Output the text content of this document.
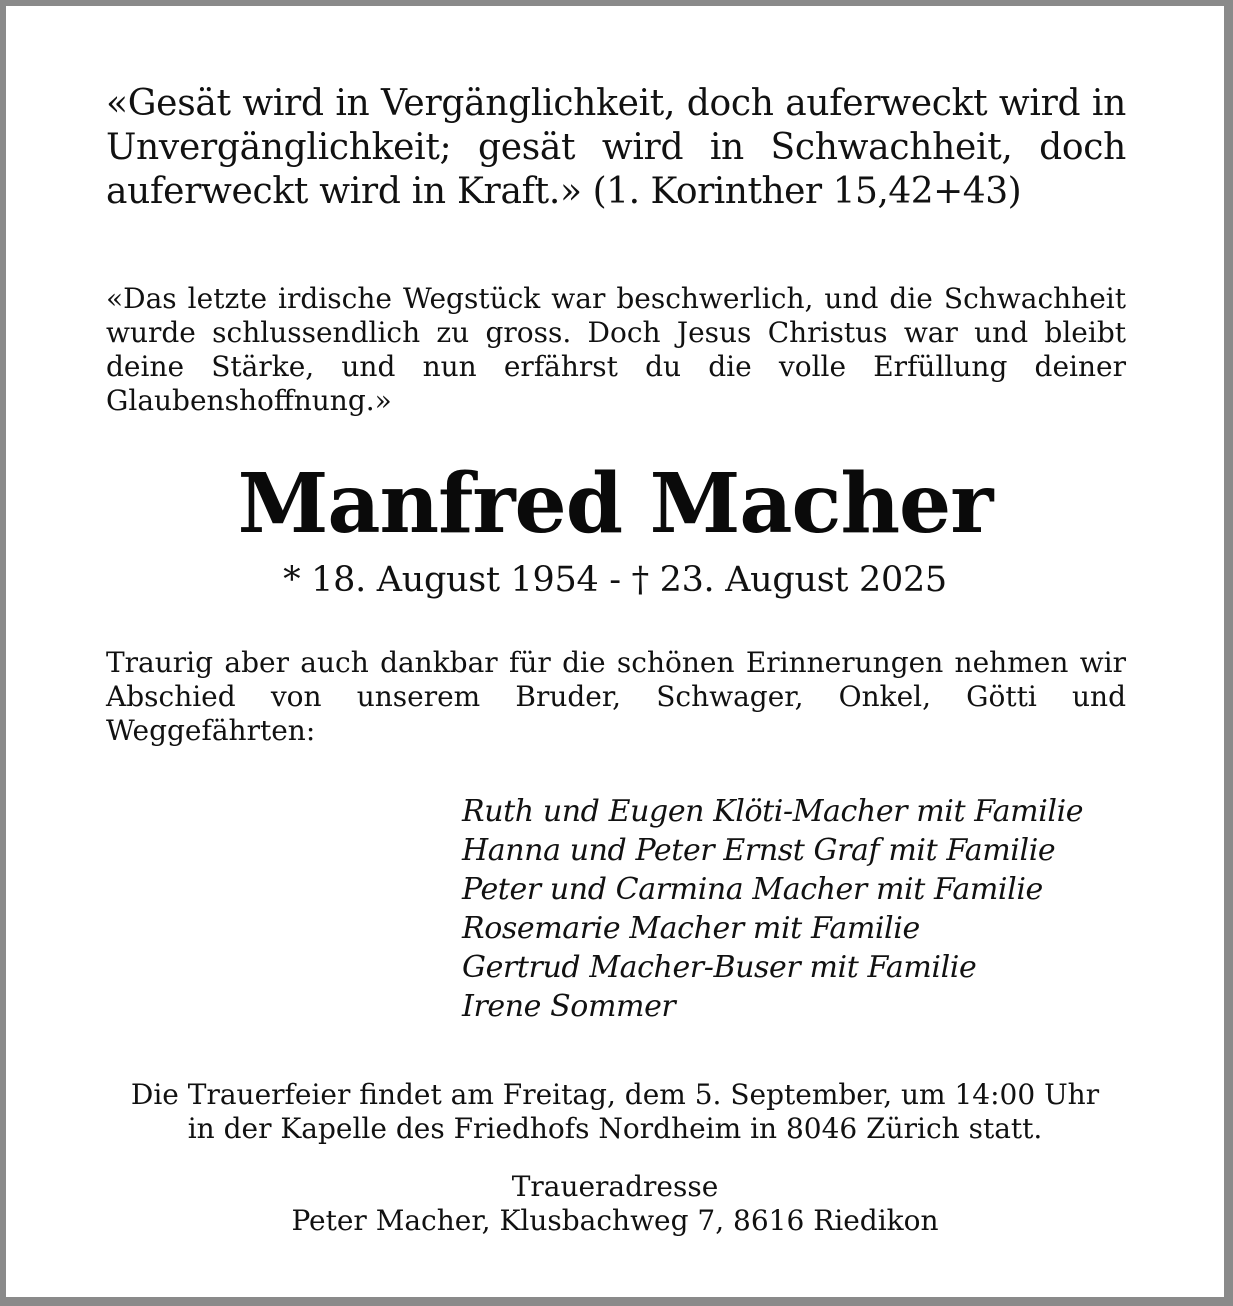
«Gesät wird in Vergänglichkeit, doch auferweckt wird in Unvergänglichkeit; gesät wird in Schwachheit, doch auferweckt wird in Kraft.» (1. Korinther 15,42+43)
«Das letzte irdische Wegstück war beschwerlich, und die Schwachheit wurde schlussendlich zu gross. Doch Jesus Christus war und bleibt deine Stärke, und nun erfährst du die volle Erfüllung deiner Glaubenshoffnung.»
Manfred Macher
* 18. August 1954 - † 23. August 2025
Traurig aber auch dankbar für die schönen Erinnerungen nehmen wir Abschied von unserem Bruder, Schwager, Onkel, Götti und Weggefährten:
Ruth und Eugen Klöti-Macher mit Familie
Hanna und Peter Ernst Graf mit Familie
Peter und Carmina Macher mit Familie
Rosemarie Macher mit Familie
Gertrud Macher-Buser mit Familie
Irene Sommer
Die Trauerfeier findet am Freitag, dem 5. September, um 14:00 Uhr
in der Kapelle des Friedhofs Nordheim in 8046 Zürich statt.
Traueradresse
Peter Macher, Klusbachweg 7, 8616 Riedikon
